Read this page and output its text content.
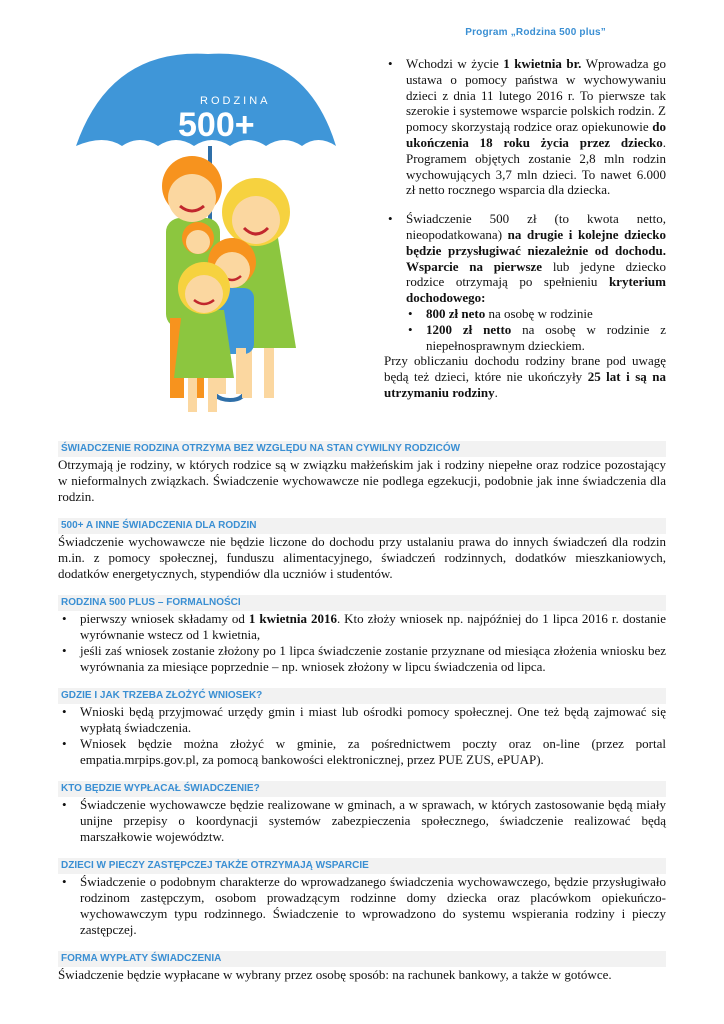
Program „Rodzina 500 plus”
RODZINA
500+

• Wchodzi w życie 1 kwietnia br. Wprowadza go ustawa o pomocy państwa w wychowywaniu dzieci z dnia 11 lutego 2016 r. To pierwsze tak szerokie i systemowe wsparcie polskich rodzin. Z pomocy skorzystają rodzice oraz opiekunowie do ukończenia 18 roku życia przez dziecko. Programem objętych zostanie 2,8 mln rodzin wychowujących 3,7 mln dzieci. To nawet 6.000 zł netto rocznego wsparcia dla dziecka.

• Świadczenie 500 zł (to kwota netto, nieopodatkowana) na drugie i kolejne dziecko będzie przysługiwać niezależnie od dochodu. Wsparcie na pierwsze lub jedyne dziecko rodzice otrzymają po spełnieniu kryterium dochodowego:

• 800 zł neto na osobę w rodzinie

• 1200 zł netto na osobę w rodzinie z niepełnosprawnym dzieckiem.

Przy obliczaniu dochodu rodziny brane pod uwagę będą też dzieci, które nie ukończyły 25 lat i są na utrzymaniu rodziny.

ŚWIADCZENIE RODZINA OTRZYMA BEZ WZGLĘDU NA STAN CYWILNY RODZICÓW
Otrzymają je rodziny, w których rodzice są w związku małżeńskim jak i rodziny niepełne oraz rodzice pozostający w nieformalnych związkach. Świadczenie wychowawcze nie podlega egzekucji, podobnie jak inne świadczenia dla rodzin.
500+ A INNE ŚWIADCZENIA DLA RODZIN
Świadczenie wychowawcze nie będzie liczone do dochodu przy ustalaniu prawa do innych świadczeń dla rodzin m.in. z pomocy społecznej, funduszu alimentacyjnego, świadczeń rodzinnych, dodatków mieszkaniowych, dodatków energetycznych, stypendiów dla uczniów i studentów.
RODZINA 500 PLUS – FORMALNOŚCI
• pierwszy wniosek składamy od 1 kwietnia 2016. Kto złoży wniosek np. najpóźniej do 1 lipca 2016 r. dostanie wyrównanie wstecz od 1 kwietnia,
• jeśli zaś wniosek zostanie złożony po 1 lipca świadczenie zostanie przyznane od miesiąca złożenia wniosku bez wyrównania za miesiące poprzednie – np. wniosek złożony w lipcu świadczenia od lipca.
GDZIE I JAK TRZEBA ZŁOŻYĆ WNIOSEK?
• Wnioski będą przyjmować urzędy gmin i miast lub ośrodki pomocy społecznej. One też będą zajmować się wypłatą świadczenia.
• Wniosek będzie można złożyć w gminie, za pośrednictwem poczty oraz on-line (przez portal empatia.mrpips.gov.pl, za pomocą bankowości elektronicznej, przez PUE ZUS, ePUAP).
KTO BĘDZIE WYPŁACAŁ ŚWIADCZENIE?
• Świadczenie wychowawcze będzie realizowane w gminach, a w sprawach, w których zastosowanie będą miały unijne przepisy o koordynacji systemów zabezpieczenia społecznego, świadczenie realizować będą marszałkowie województw.
DZIECI W PIECZY ZASTĘPCZEJ TAKŻE OTRZYMAJĄ WSPARCIE
• Świadczenie o podobnym charakterze do wprowadzanego świadczenia wychowawczego, będzie przysługiwało rodzinom zastępczym, osobom prowadzącym rodzinne domy dziecka oraz placówkom opiekuńczo-wychowawczym typu rodzinnego. Świadczenie to wprowadzono do systemu wspierania rodziny i pieczy zastępczej.
FORMA WYPŁATY ŚWIADCZENIA
Świadczenie będzie wypłacane w wybrany przez osobę sposób: na rachunek bankowy, a także w gotówce.
